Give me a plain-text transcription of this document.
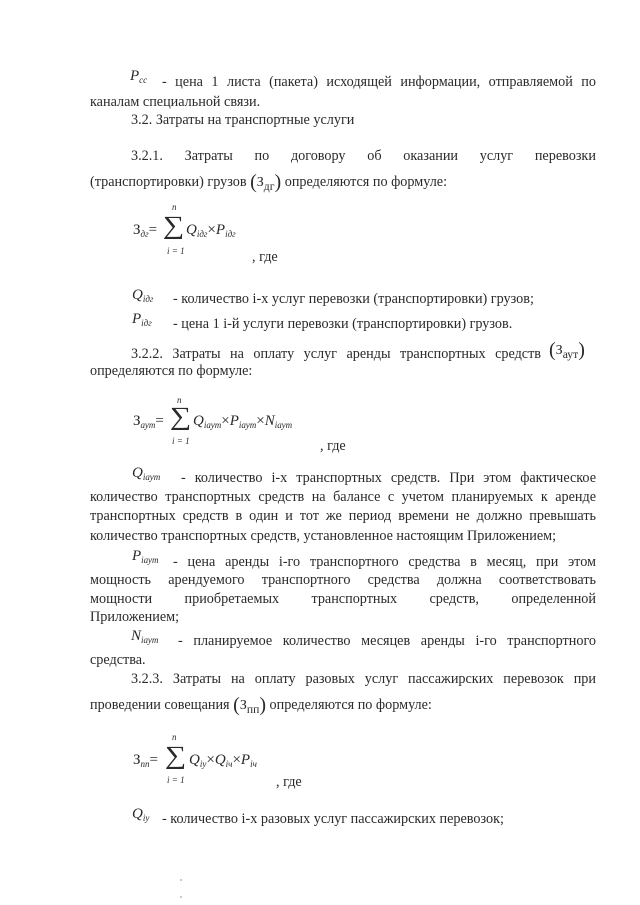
$P_{cc}$ - цена 1 листа (пакета) исходящей информации, отправляемой по
каналам специальной связи.
3.2. Затраты на транспортные услуги
3.2.1. Затраты по договору об оказании услуг перевозки
(транспортировки) грузов $(З_{дг})$ определяются по формуле:
n
$З_{дг}=$ ∑ $Q_{iдг}\times P_{iдг}$
i = 1	, где
$Q_{iдг}$ - количество i-х услуг перевозки (транспортировки) грузов;
$P_{iдг}$ - цена 1 i-й услуги перевозки (транспортировки) грузов.
3.2.2. Затраты на оплату услуг аренды транспортных средств $(З_{аут})$
определяются по формуле:
n
$З_{аут}=$ ∑ $Q_{iаут}\times P_{iаут}\times N_{iаут}$
i = 1	, где
$Q_{iаут}$ - количество i-х транспортных средств. При этом фактическое
количество транспортных средств на балансе с учетом планируемых к аренде
транспортных средств в один и тот же период времени не должно превышать
количество транспортных средств, установленное настоящим Приложением;
$P_{iаут}$ - цена аренды i-го транспортного средства в месяц, при этом
мощность арендуемого транспортного средства должна соответствовать
мощности приобретаемых транспортных средств, определенной
Приложением;
$N_{iаут}$ - планируемое количество месяцев аренды i-го транспортного
средства.
3.2.3. Затраты на оплату разовых услуг пассажирских перевозок при
проведении совещания $(З_{пп})$ определяются по формуле:
n
$З_{пп}=$ ∑ $Q_{iу}\times Q_{iч}\times P_{iч}$
i = 1	, где
$Q_{iу}$ - количество i-х разовых услуг пассажирских перевозок;
